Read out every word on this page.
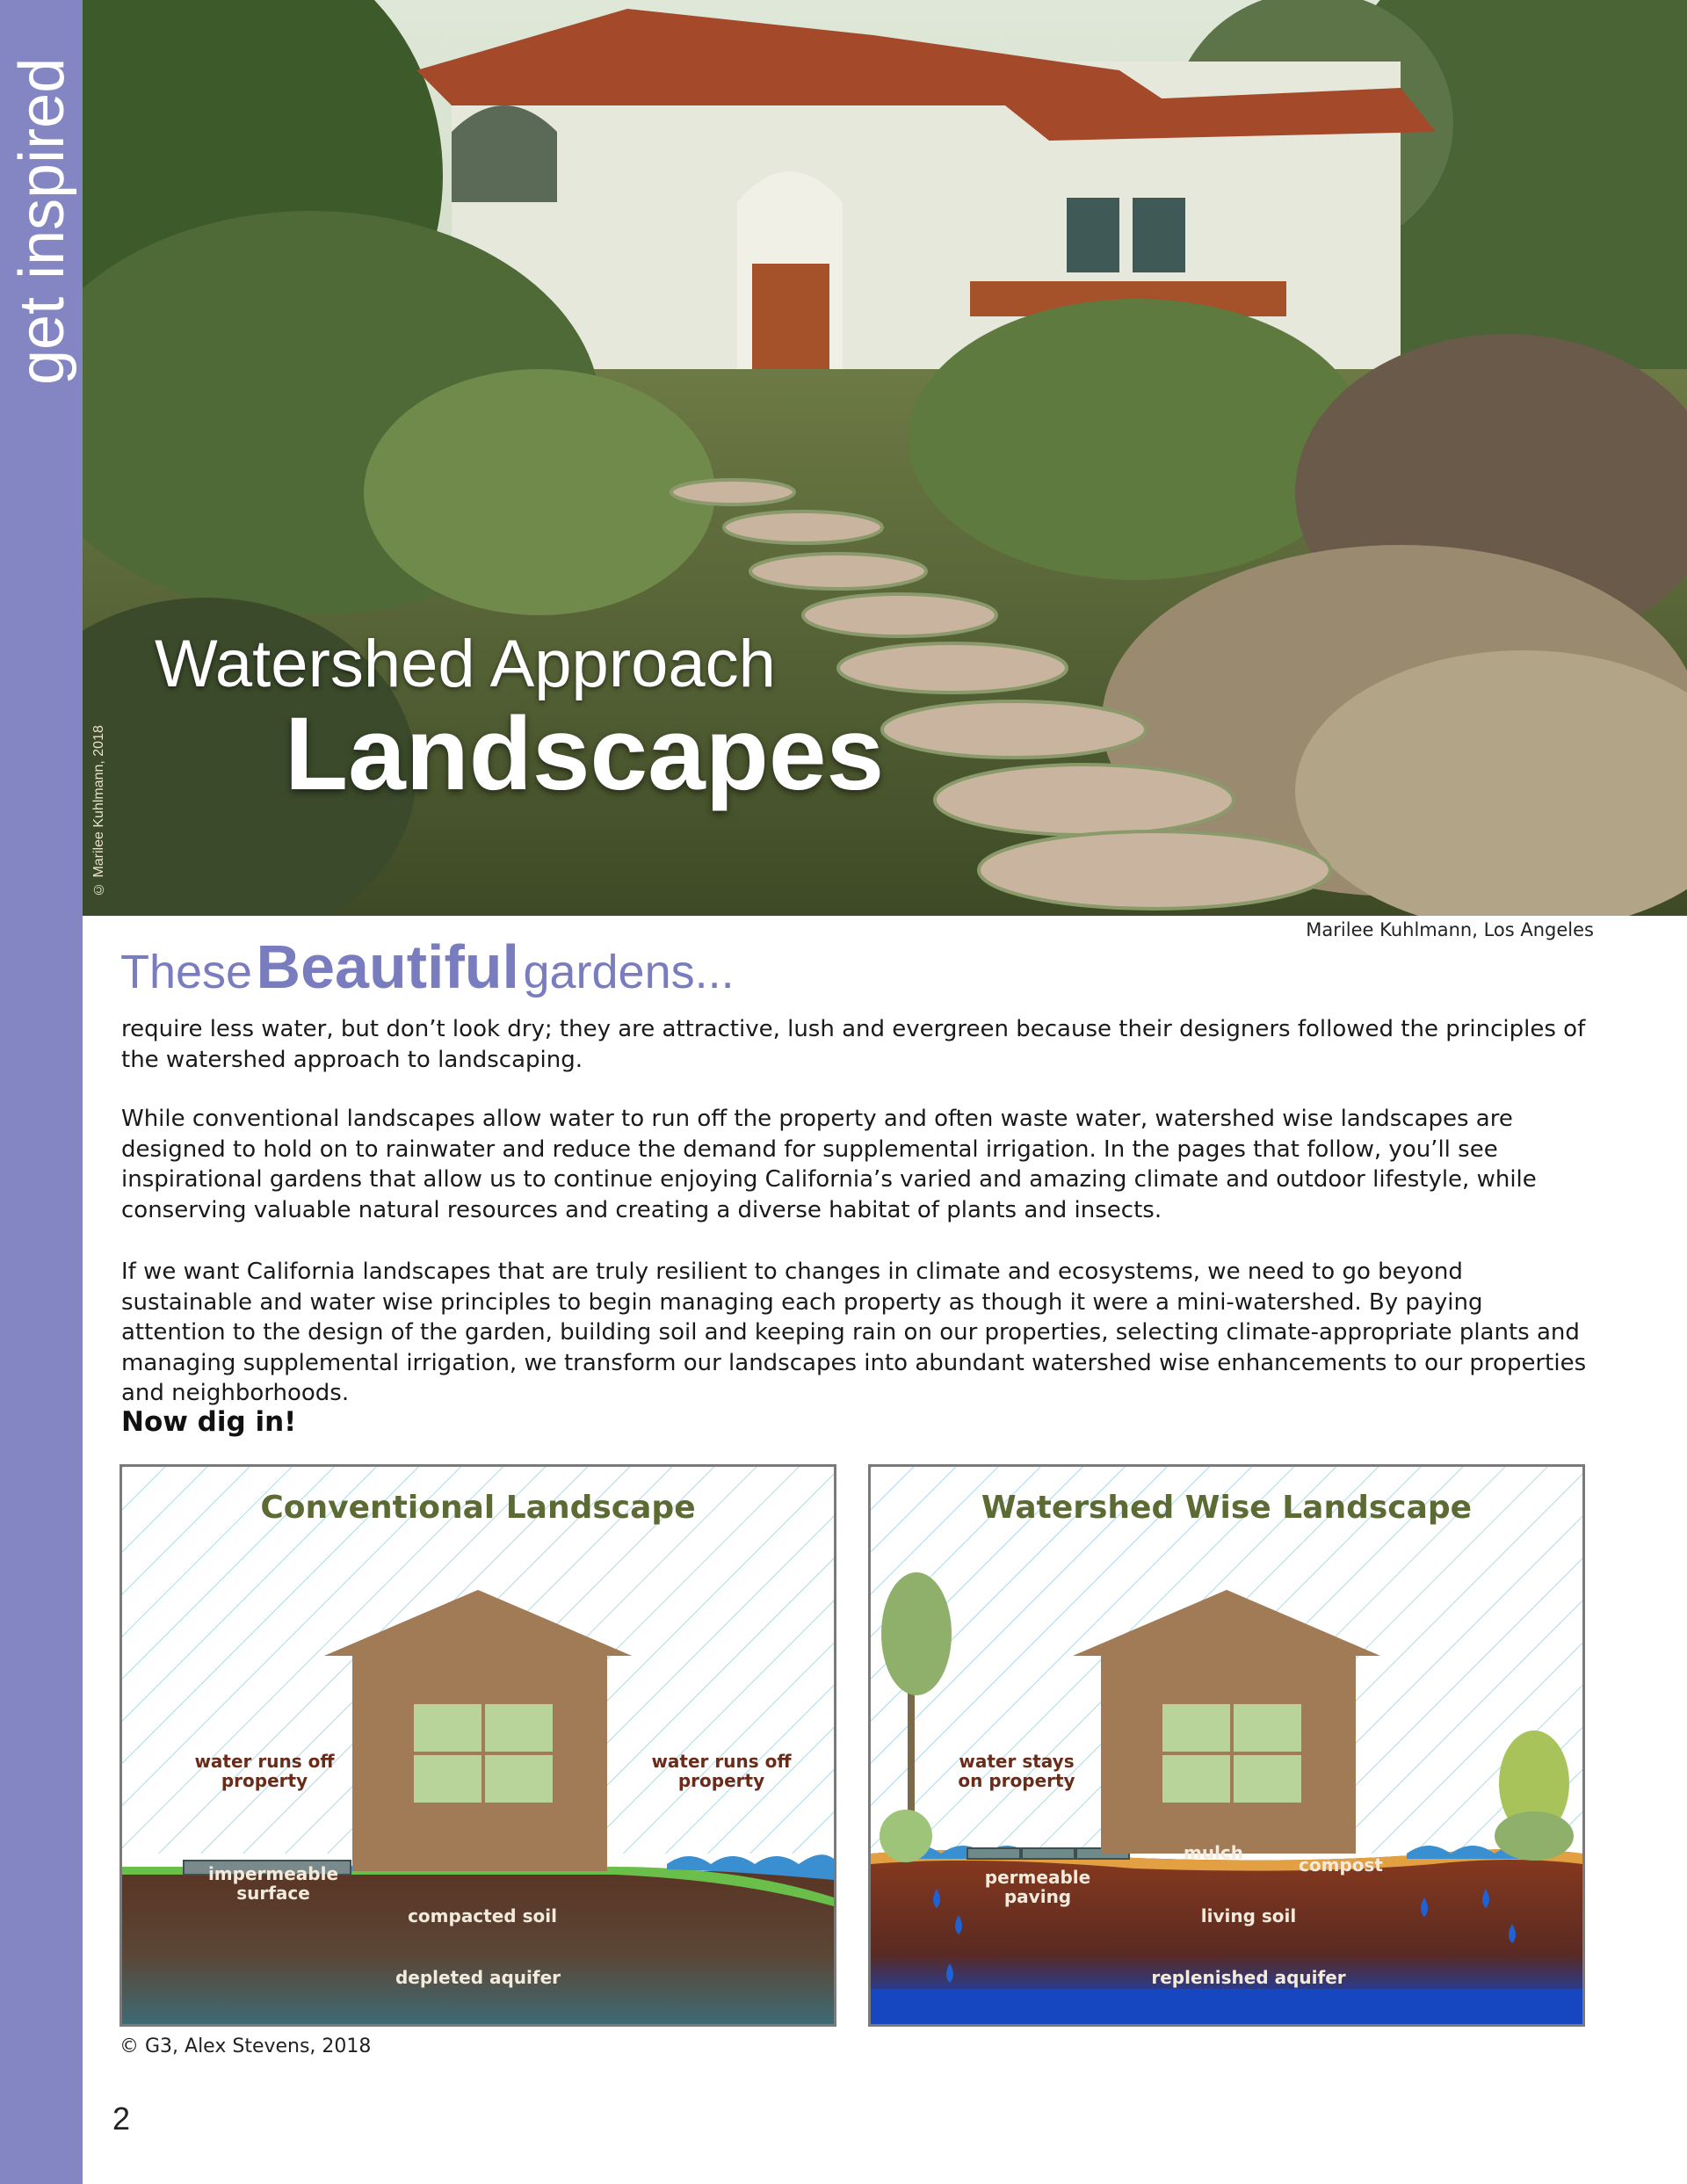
get inspired
Watershed Approach
Landscapes
© Marilee Kuhlmann, 2018
Marilee Kuhlmann, Los Angeles
These Beautiful gardens...

require less water, but don’t look dry; they are attractive, lush and evergreen because their designers followed the principles of the watershed approach to landscaping.

While conventional landscapes allow water to run off the property and often waste water, watershed wise landscapes are designed to hold on to rainwater and reduce the demand for supplemental irrigation. In the pages that follow, you’ll see inspirational gardens that allow us to continue enjoying California’s varied and amazing climate and outdoor lifestyle, while conserving valuable natural resources and creating a diverse habitat of plants and insects.

If we want California landscapes that are truly resilient to changes in climate and ecosystems, we need to go beyond sustainable and water wise principles to begin managing each property as though it were a mini-watershed. By paying attention to the design of the garden, building soil and keeping rain on our properties, selecting climate-appropriate plants and managing supplemental irrigation, we transform our landscapes into abundant watershed wise enhancements to our properties and neighborhoods.

Now dig in!
Conventional Landscape
water runs off property
water runs off property
impermeable surface
compacted soil
depleted aquifer
Watershed Wise Landscape
water stays on property
mulch
compost
permeable paving
living soil
replenished aquifer
© G3, Alex Stevens, 2018
2
